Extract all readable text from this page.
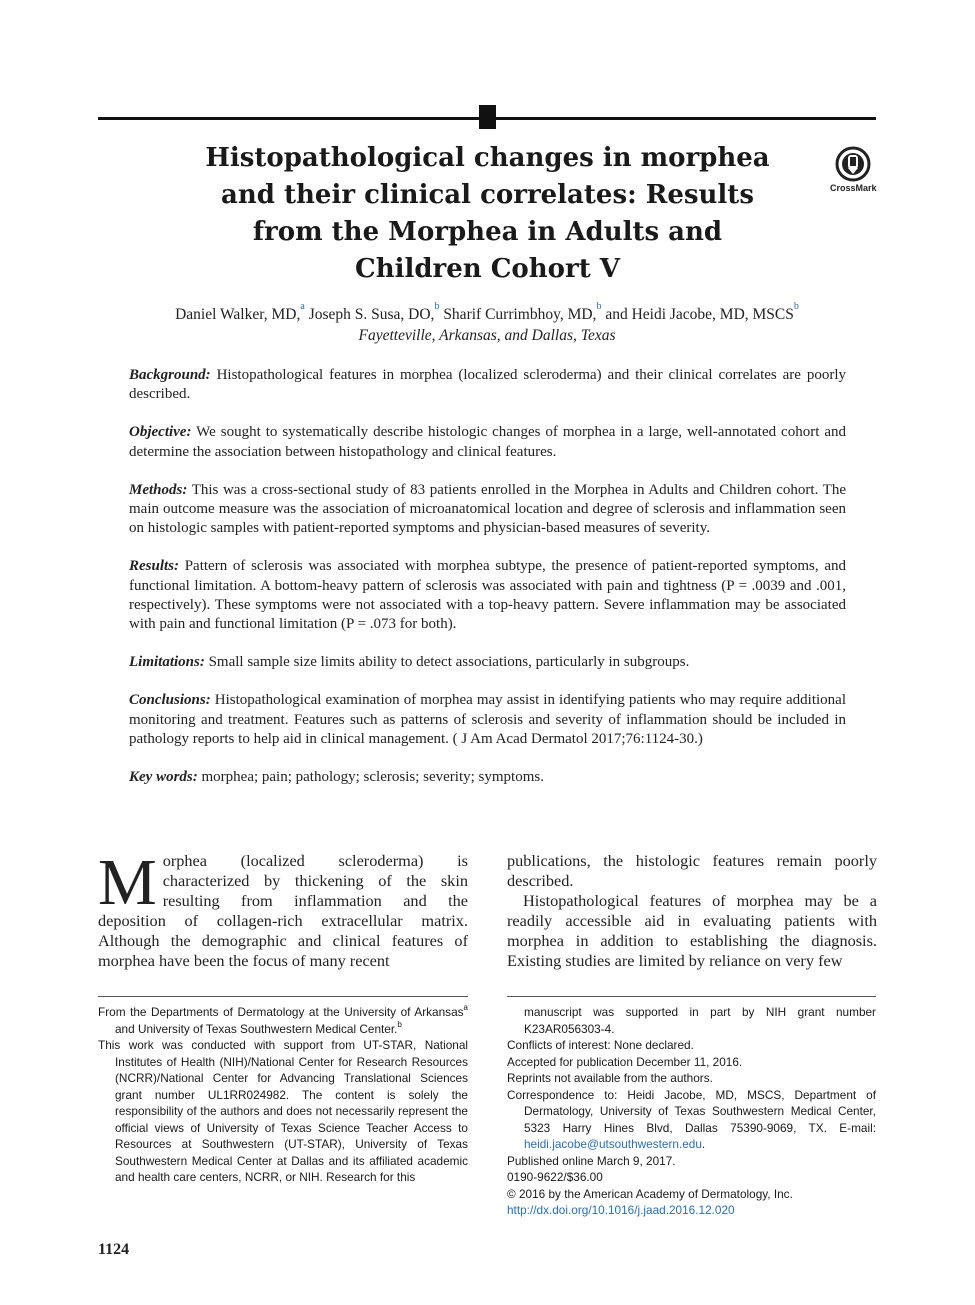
Histopathological changes in morphea and their clinical correlates: Results from the Morphea in Adults and Children Cohort V
CrossMark
Daniel Walker, MD,$^a$ Joseph S. Susa, DO,$^b$ Sharif Currimbhoy, MD,$^b$ and Heidi Jacobe, MD, MSCS$^b$
Fayetteville, Arkansas, and Dallas, Texas

Background: Histopathological features in morphea (localized scleroderma) and their clinical correlates are poorly described.

Objective: We sought to systematically describe histologic changes of morphea in a large, well-annotated cohort and determine the association between histopathology and clinical features.

Methods: This was a cross-sectional study of 83 patients enrolled in the Morphea in Adults and Children cohort. The main outcome measure was the association of microanatomical location and degree of sclerosis and inflammation seen on histologic samples with patient-reported symptoms and physician-based measures of severity.

Results: Pattern of sclerosis was associated with morphea subtype, the presence of patient-reported symptoms, and functional limitation. A bottom-heavy pattern of sclerosis was associated with pain and tightness (P = .0039 and .001, respectively). These symptoms were not associated with a top-heavy pattern. Severe inflammation may be associated with pain and functional limitation (P = .073 for both).

Limitations: Small sample size limits ability to detect associations, particularly in subgroups.

Conclusions: Histopathological examination of morphea may assist in identifying patients who may require additional monitoring and treatment. Features such as patterns of sclerosis and severity of inflammation should be included in pathology reports to help aid in clinical management. ( J Am Acad Dermatol 2017;76:1124-30.)

Key words: morphea; pain; pathology; sclerosis; severity; symptoms.

Morphea (localized scleroderma) is characterized by thickening of the skin resulting from inflammation and the deposition of collagen-rich extracellular matrix. Although the demographic and clinical features of morphea have been the focus of many recent

publications, the histologic features remain poorly described.

Histopathological features of morphea may be a readily accessible aid in evaluating patients with morphea in addition to establishing the diagnosis. Existing studies are limited by reliance on very few

From the Departments of Dermatology at the University of Arkansas$^a$ and University of Texas Southwestern Medical Center.$^b$

This work was conducted with support from UT-STAR, National Institutes of Health (NIH)/National Center for Research Resources (NCRR)/National Center for Advancing Translational Sciences grant number UL1RR024982. The content is solely the responsibility of the authors and does not necessarily represent the official views of University of Texas Science Teacher Access to Resources at Southwestern (UT-STAR), University of Texas Southwestern Medical Center at Dallas and its affiliated academic and health care centers, NCRR, or NIH. Research for this

manuscript was supported in part by NIH grant number K23AR056303-4.

Conflicts of interest: None declared.

Accepted for publication December 11, 2016.

Reprints not available from the authors.

Correspondence to: Heidi Jacobe, MD, MSCS, Department of Dermatology, University of Texas Southwestern Medical Center, 5323 Harry Hines Blvd, Dallas 75390-9069, TX. E-mail: heidi.jacobe@utsouthwestern.edu.

Published online March 9, 2017.

0190-9622/$36.00

© 2016 by the American Academy of Dermatology, Inc.

http://dx.doi.org/10.1016/j.jaad.2016.12.020

1124
